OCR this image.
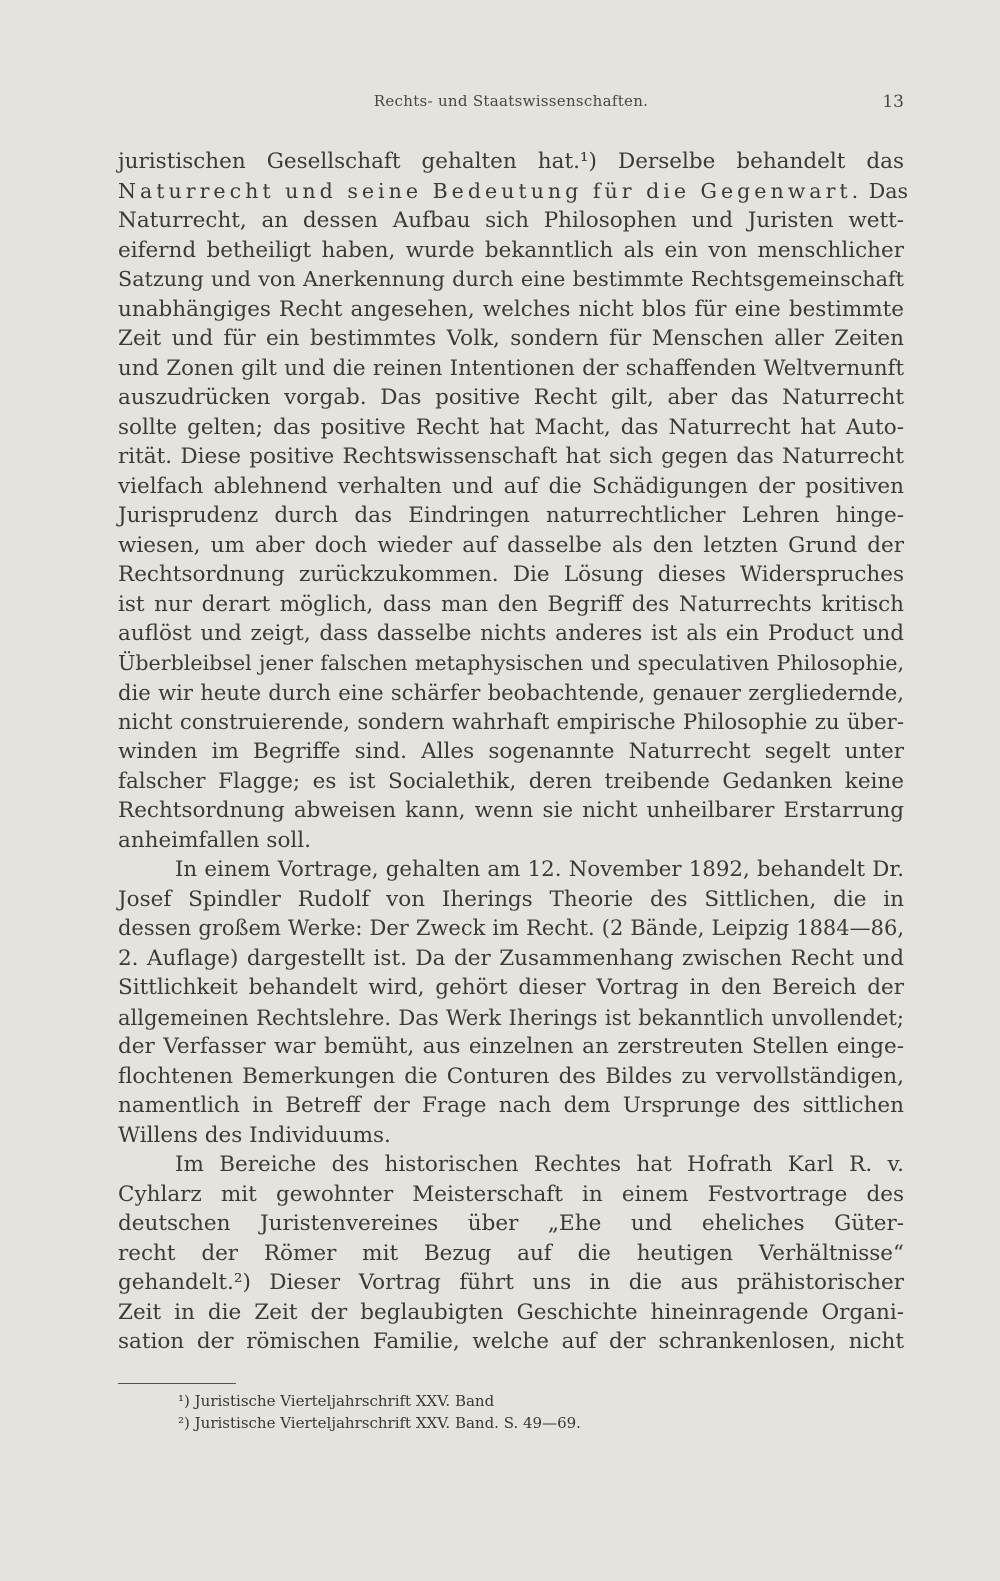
Rechts- und Staatswissenschaften.	13
juristischen Gesellschaft gehalten hat.¹) Derselbe behandelt das
Naturrecht und seine Bedeutung für die Gegenwart. Das
Naturrecht, an dessen Aufbau sich Philosophen und Juristen wett-
eifernd betheiligt haben, wurde bekanntlich als ein von menschlicher
Satzung und von Anerkennung durch eine bestimmte Rechtsgemeinschaft
unabhängiges Recht angesehen, welches nicht blos für eine bestimmte
Zeit und für ein bestimmtes Volk, sondern für Menschen aller Zeiten
und Zonen gilt und die reinen Intentionen der schaffenden Weltvernunft
auszudrücken vorgab. Das positive Recht gilt, aber das Naturrecht
sollte gelten; das positive Recht hat Macht, das Naturrecht hat Auto-
rität. Diese positive Rechtswissenschaft hat sich gegen das Naturrecht
vielfach ablehnend verhalten und auf die Schädigungen der positiven
Jurisprudenz durch das Eindringen naturrechtlicher Lehren hinge-
wiesen, um aber doch wieder auf dasselbe als den letzten Grund der
Rechtsordnung zurückzukommen. Die Lösung dieses Widerspruches
ist nur derart möglich, dass man den Begriff des Naturrechts kritisch
auflöst und zeigt, dass dasselbe nichts anderes ist als ein Product und
Überbleibsel jener falschen metaphysischen und speculativen Philosophie,
die wir heute durch eine schärfer beobachtende, genauer zergliedernde,
nicht construierende, sondern wahrhaft empirische Philosophie zu über-
winden im Begriffe sind. Alles sogenannte Naturrecht segelt unter
falscher Flagge; es ist Socialethik, deren treibende Gedanken keine
Rechtsordnung abweisen kann, wenn sie nicht unheilbarer Erstarrung
anheimfallen soll.
In einem Vortrage, gehalten am 12. November 1892, behandelt Dr.
Josef Spindler Rudolf von Iherings Theorie des Sittlichen, die in
dessen großem Werke: Der Zweck im Recht. (2 Bände, Leipzig 1884—86,
2. Auflage) dargestellt ist. Da der Zusammenhang zwischen Recht und
Sittlichkeit behandelt wird, gehört dieser Vortrag in den Bereich der
allgemeinen Rechtslehre. Das Werk Iherings ist bekanntlich unvollendet;
der Verfasser war bemüht, aus einzelnen an zerstreuten Stellen einge-
flochtenen Bemerkungen die Conturen des Bildes zu vervollständigen,
namentlich in Betreff der Frage nach dem Ursprunge des sittlichen
Willens des Individuums.
Im Bereiche des historischen Rechtes hat Hofrath Karl R. v.
Cyhlarz mit gewohnter Meisterschaft in einem Festvortrage des
deutschen Juristenvereines über „Ehe und eheliches Güter-
recht der Römer mit Bezug auf die heutigen Verhältnisse“
gehandelt.²) Dieser Vortrag führt uns in die aus prähistorischer
Zeit in die Zeit der beglaubigten Geschichte hineinragende Organi-
sation der römischen Familie, welche auf der schrankenlosen, nicht
¹) Juristische Vierteljahrschrift XXV. Band
²) Juristische Vierteljahrschrift XXV. Band. S. 49—69.
